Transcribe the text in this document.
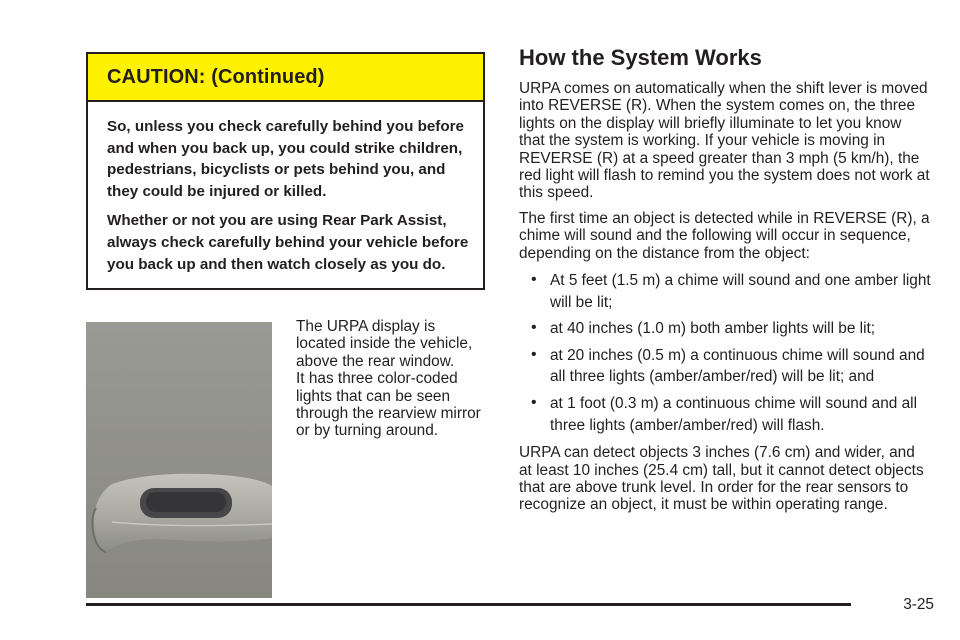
CAUTION: (Continued)

So, unless you check carefully behind you before and when you back up, you could strike children, pedestrians, bicyclists or pets behind you, and they could be injured or killed.

Whether or not you are using Rear Park Assist, always check carefully behind your vehicle before you back up and then watch closely as you do.

The URPA display is

located inside the vehicle,

above the rear window.

It has three color-coded

lights that can be seen

through the rearview mirror

or by turning around.

How the System Works

URPA comes on automatically when the shift lever is moved into REVERSE (R). When the system comes on, the three lights on the display will briefly illuminate to let you know that the system is working. If your vehicle is moving in REVERSE (R) at a speed greater than 3 mph (5 km/h), the red light will flash to remind you the system does not work at this speed.

The first time an object is detected while in REVERSE (R), a chime will sound and the following will occur in sequence, depending on the distance from the object:

• At 5 feet (1.5 m) a chime will sound and one amber light will be lit;
• at 40 inches (1.0 m) both amber lights will be lit;
• at 20 inches (0.5 m) a continuous chime will sound and all three lights (amber/amber/red) will be lit; and
• at 1 foot (0.3 m) a continuous chime will sound and all three lights (amber/amber/red) will flash.

URPA can detect objects 3 inches (7.6 cm) and wider, and at least 10 inches (25.4 cm) tall, but it cannot detect objects that are above trunk level. In order for the rear sensors to recognize an object, it must be within operating range.

3-25
